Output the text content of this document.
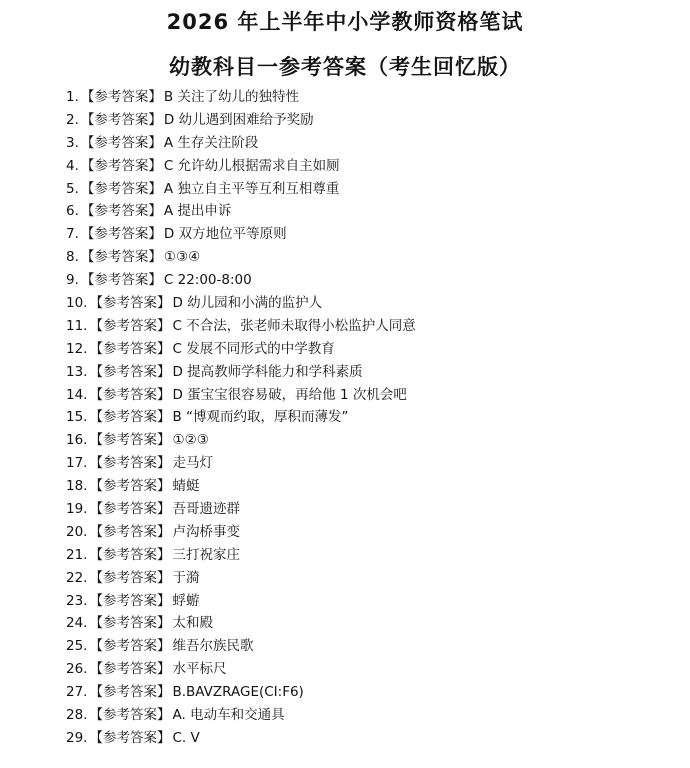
2026 年上半年中小学教师资格笔试
幼教科目一参考答案（考生回忆版）
1. 【参考答案】 B 关注了幼儿的独特性
2. 【参考答案】 D 幼儿遇到困难给予奖励
3. 【参考答案】 A 生存关注阶段
4. 【参考答案】 C 允许幼儿根据需求自主如厕
5. 【参考答案】 A 独立自主平等互利互相尊重
6. 【参考答案】 A 提出申诉
7. 【参考答案】 D 双方地位平等原则
8. 【参考答案】 ①③④
9. 【参考答案】 C 22:00-8:00
10. 【参考答案】 D 幼儿园和小满的监护人
11. 【参考答案】 C 不合法，张老师未取得小松监护人同意
12. 【参考答案】 C 发展不同形式的中学教育
13. 【参考答案】 D 提高教师学科能力和学科素质
14. 【参考答案】 D 蛋宝宝很容易破，再给他 1 次机会吧
15. 【参考答案】 B “博观而约取，厚积而薄发”
16. 【参考答案】 ①②③
17. 【参考答案】 走马灯
18. 【参考答案】 蜻蜓
19. 【参考答案】 吾哥遗迹群
20. 【参考答案】 卢沟桥事变
21. 【参考答案】 三打祝家庄
22. 【参考答案】 于漪
23. 【参考答案】 蜉蝣
24. 【参考答案】 太和殿
25. 【参考答案】 维吾尔族民歌
26. 【参考答案】 水平标尺
27. 【参考答案】 B.BAVZRAGE(CI:F6)
28. 【参考答案】 A. 电动车和交通具
29. 【参考答案】 C. V
